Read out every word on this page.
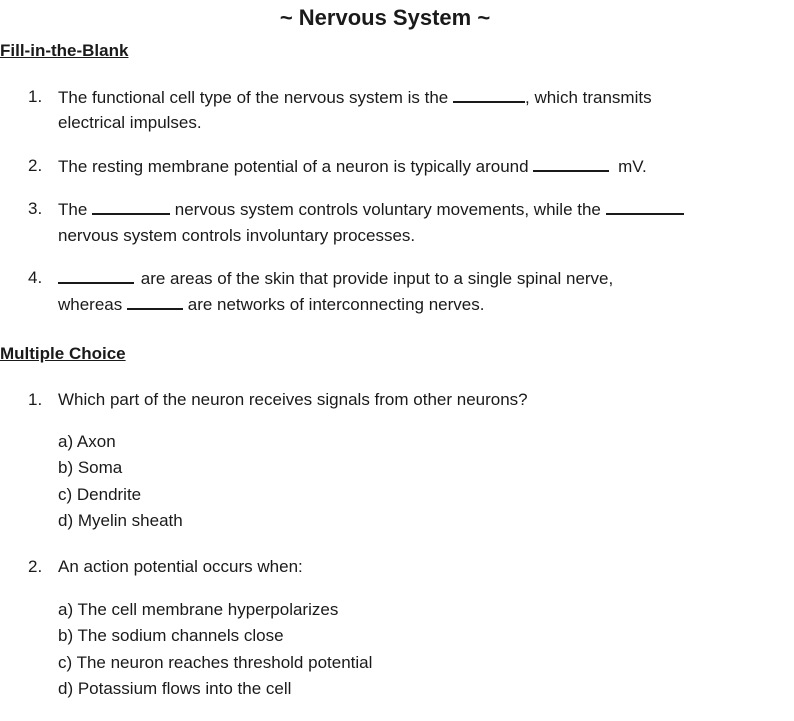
~ Nervous System ~
Fill-in-the-Blank
1. The functional cell type of the nervous system is the	, which transmits
electrical impulses.
2. The resting membrane potential of a neuron is typically around	mV.
3. The	nervous system controls voluntary movements, while the
nervous system controls involuntary processes.
4.	are areas of the skin that provide input to a single spinal nerve,
whereas	are networks of interconnecting nerves.
Multiple Choice
1. Which part of the neuron receives signals from other neurons?
a) Axon
b) Soma
c) Dendrite
d) Myelin sheath
2. An action potential occurs when:
a) The cell membrane hyperpolarizes
b) The sodium channels close
c) The neuron reaches threshold potential
d) Potassium flows into the cell
